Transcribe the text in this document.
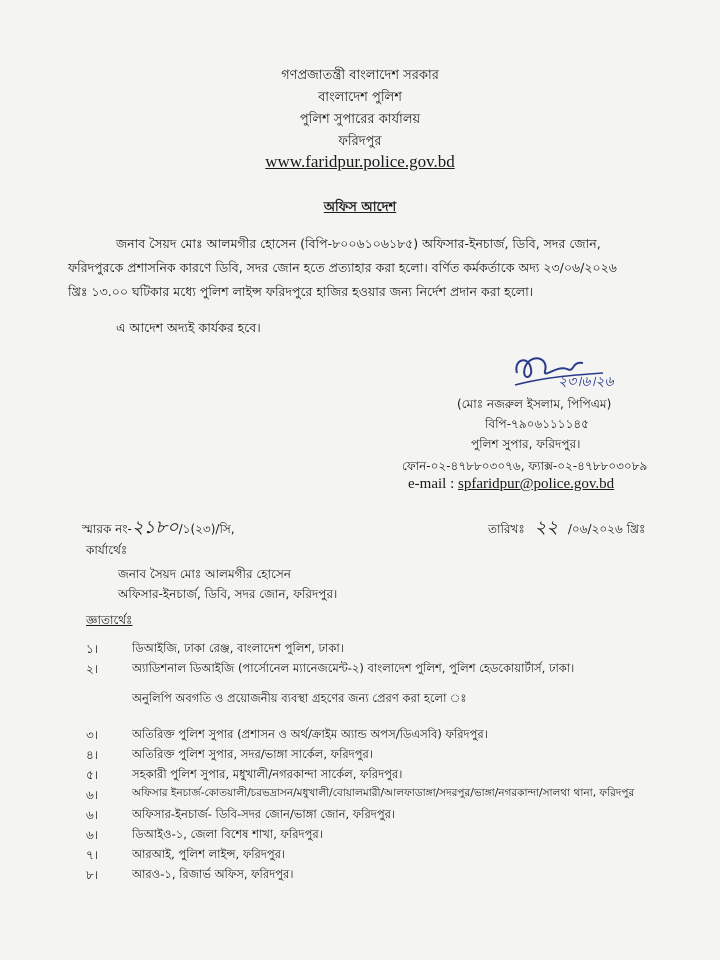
গণপ্রজাতন্ত্রী বাংলাদেশ সরকার
বাংলাদেশ পুলিশ
পুলিশ সুপারের কার্যালয়
ফরিদপুর
www.faridpur.police.gov.bd
অফিস আদেশ
জনাব সৈয়দ মোঃ আলমগীর হোসেন (বিপি-৮০০৬১০৬১৮৫) অফিসার-ইনচার্জ, ডিবি, সদর জোন,
ফরিদপুরকে প্রশাসনিক কারণে ডিবি, সদর জোন হতে প্রত্যাহার করা হলো। বর্ণিত কর্মকর্তাকে অদ্য ২৩/০৬/২০২৬
খ্রিঃ ১৩.০০ ঘটিকার মধ্যে পুলিশ লাইন্স ফরিদপুরে হাজির হওয়ার জন্য নির্দেশ প্রদান করা হলো।
এ আদেশ অদ্যই কার্যকর হবে।
২৩।৬।২৬
(মোঃ নজরুল ইসলাম, পিপিএম)
বিপি-৭৯০৬১১১১৪৫
পুলিশ সুপার, ফরিদপুর।
ফোন-০২-৪৭৮৮০৩০৭৬, ফ্যাক্স-০২-৪৭৮৮০৩০৮৯
e-mail : spfaridpur@police.gov.bd
স্মারক নং-২১৮০/১(২৩)/সি,	তারিখঃ ২২ /০৬/২০২৬ খ্রিঃ
কার্যার্থেঃ
জনাব সৈয়দ মোঃ আলমগীর হোসেন
অফিসার-ইনচার্জ, ডিবি, সদর জোন, ফরিদপুর।
জ্ঞাতার্থেঃ
১।	ডিআইজি, ঢাকা রেঞ্জ, বাংলাদেশ পুলিশ, ঢাকা।
২।	অ্যাডিশনাল ডিআইজি (পার্সোনেল ম্যানেজমেন্ট-২) বাংলাদেশ পুলিশ, পুলিশ হেডকোয়ার্টার্স, ঢাকা।
অনুলিপি অবগতি ও প্রয়োজনীয় ব্যবস্থা গ্রহণের জন্য প্রেরণ করা হলো ঃ
৩।	অতিরিক্ত পুলিশ সুপার (প্রশাসন ও অর্থ/ক্রাইম অ্যান্ড অপস/ডিএসবি) ফরিদপুর।
৪।	অতিরিক্ত পুলিশ সুপার, সদর/ভাঙ্গা সার্কেল, ফরিদপুর।
৫।	সহকারী পুলিশ সুপার, মধুখালী/নগরকান্দা সার্কেল, ফরিদপুর।
৬।	অফিসার ইনচার্জ-কোতয়ালী/চরভদ্রাসন/মধুখালী/বোয়ালমারী/আলফাডাঙ্গা/সদরপুর/ভাঙ্গা/নগরকান্দা/সালথা থানা, ফরিদপুর
৬।	অফিসার-ইনচার্জ- ডিবি-সদর জোন/ভাঙ্গা জোন, ফরিদপুর।
৬।	ডিআইও-১, জেলা বিশেষ শাখা, ফরিদপুর।
৭।	আরআই, পুলিশ লাইন্স, ফরিদপুর।
৮।	আরও-১, রিজার্ভ অফিস, ফরিদপুর।
